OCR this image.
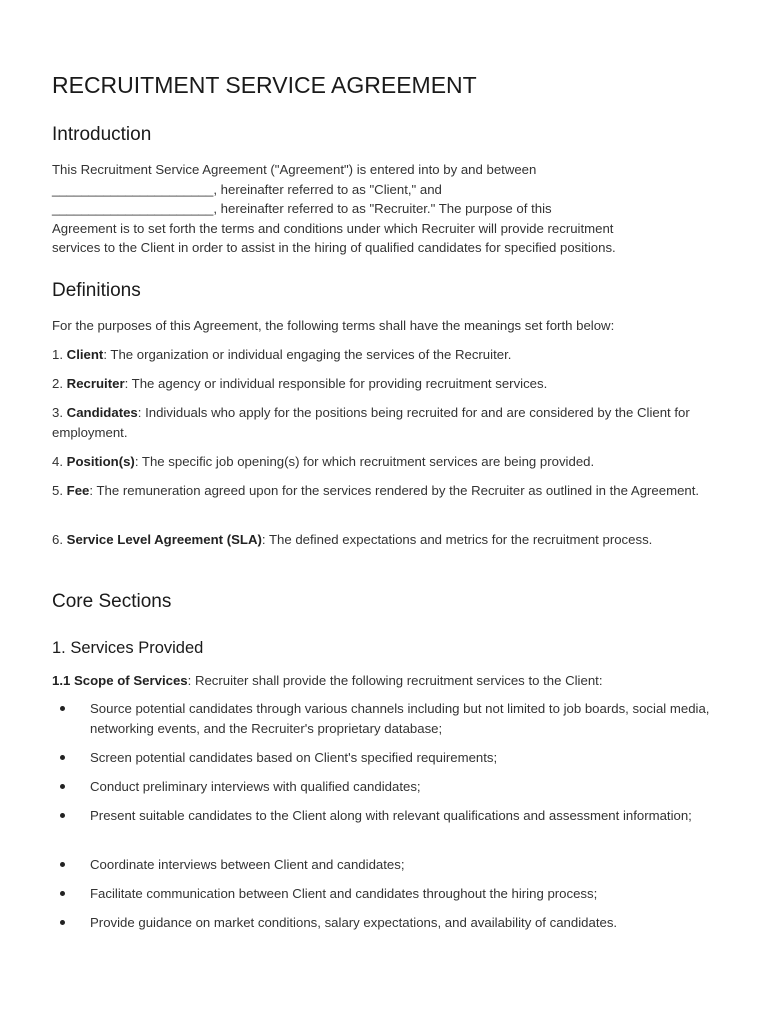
RECRUITMENT SERVICE AGREEMENT
Introduction

This Recruitment Service Agreement ("Agreement") is entered into by and between
______________________, hereinafter referred to as "Client," and
______________________, hereinafter referred to as "Recruiter." The purpose of this
Agreement is to set forth the terms and conditions under which Recruiter will provide recruitment
services to the Client in order to assist in the hiring of qualified candidates for specified positions.

Definitions

For the purposes of this Agreement, the following terms shall have the meanings set forth below:

1. Client: The organization or individual engaging the services of the Recruiter.

2. Recruiter: The agency or individual responsible for providing recruitment services.

3. Candidates: Individuals who apply for the positions being recruited for and are considered by the Client for employment.

4. Position(s): The specific job opening(s) for which recruitment services are being provided.

5. Fee: The remuneration agreed upon for the services rendered by the Recruiter as outlined in the Agreement.

6. Service Level Agreement (SLA): The defined expectations and metrics for the recruitment process.

Core Sections
1. Services Provided

1.1 Scope of Services: Recruiter shall provide the following recruitment services to the Client:

Source potential candidates through various channels including but not limited to job boards, social media, networking events, and the Recruiter's proprietary database;
Screen potential candidates based on Client's specified requirements;
Conduct preliminary interviews with qualified candidates;
Present suitable candidates to the Client along with relevant qualifications and assessment information;
Coordinate interviews between Client and candidates;
Facilitate communication between Client and candidates throughout the hiring process;
Provide guidance on market conditions, salary expectations, and availability of candidates.
